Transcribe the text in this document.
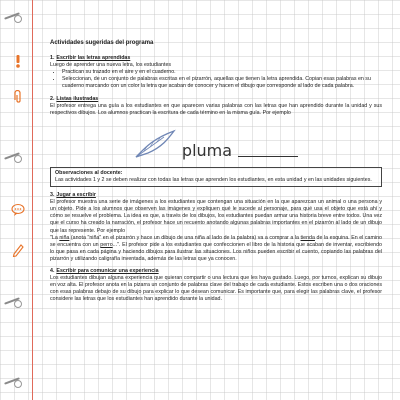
Actividades sugeridas del programa
1. Escribir las letras aprendidas

Luego de aprender una nueva letra, los estudiantes

• Practican su trazado en el aire y en el cuaderno.
• Seleccionan, de un conjunto de palabras escritas en el pizarrón, aquellas que tienen la letra aprendida. Copian esas palabras en su cuaderno marcando con un color la letra que acaban de conocer y hacen el dibujo que corresponde al lado de cada palabra.
2. Listas ilustradas

El profesor entrega una guía a los estudiantes en que aparecen varias palabras con las letras que han aprendido durante la unidad y sus respectivos dibujos. Los alumnos practican la escritura de cada término en la misma guía. Por ejemplo

pluma
Observaciones al docente:

Las actividades 1 y 2 se deben realizar con todas las letras que aprenden los estudiantes, en esta unidad y en las unidades siguientes.

3. Jugar a escribir

El profesor muestra una serie de imágenes a los estudiantes que contengan una situación en la que aparezcan un animal o una persona y un objeto. Pide a los alumnos que observen las imágenes y expliquen qué le sucede al personaje, para qué usa el objeto que está ahí y cómo se resuelve el problema. La idea es que, a través de los dibujos, los estudiantes puedan armar una historia breve entre todos. Una vez que el curso ha creado la narración, el profesor hace un recuento anotando algunas palabras importantes en el pizarrón al lado de un dibujo que las represente. Por ejemplo

"La niña (anota "niña" en el pizarrón y hace un dibujo de una niña al lado de la palabra) va a comprar a la tienda de la esquina. En el camino se encuentra con un perro...". El profesor pide a los estudiantes que confeccionen el libro de la historia que acaban de inventar, escribiendo lo que pasa en cada página y haciendo dibujos para ilustrar las situaciones. Los niños pueden escribir el cuento, copiando las palabras del pizarrón y utilizando caligrafía inventada, además de las letras que ya conocen.

4. Escribir para comunicar una experiencia

Los estudiantes dibujan alguna experiencia que quieran compartir o una lectura que les haya gustado. Luego, por turnos, explican su dibujo en voz alta. El profesor anota en la pizarra un conjunto de palabras clave del trabajo de cada estudiante. Estos escriben una o dos oraciones con esas palabras debajo de su dibujo para explicar lo que desean comunicar. Es importante que, para elegir las palabras clave, el profesor considere las letras que los estudiantes han aprendido durante la unidad.
